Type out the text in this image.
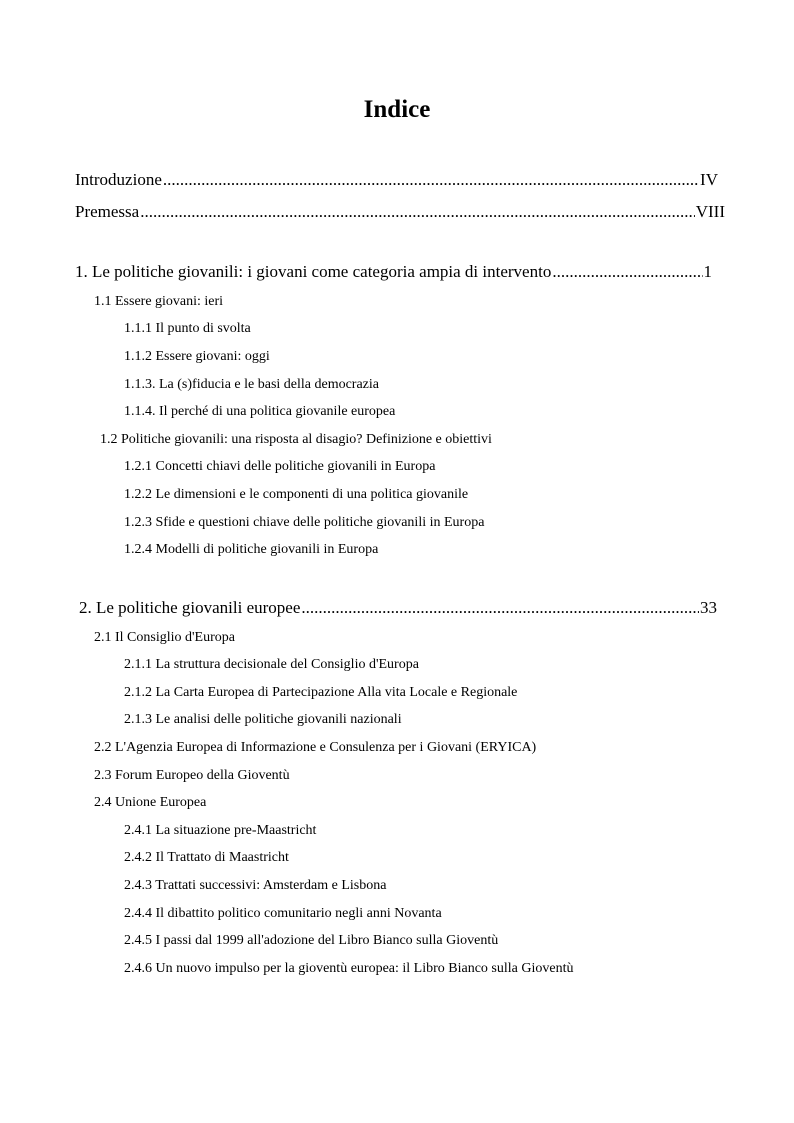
Indice
Introduzione .....	IV
Premessa .....	VIII
1. Le politiche giovanili: i giovani come categoria ampia di intervento .....	1
1.1 Essere giovani: ieri
1.1.1 Il punto di svolta
1.1.2 Essere giovani: oggi
1.1.3. La (s)fiducia e le basi della democrazia
1.1.4. Il perché di una politica giovanile europea
1.2 Politiche giovanili: una risposta al disagio? Definizione e obiettivi
1.2.1 Concetti chiavi delle politiche giovanili in Europa
1.2.2 Le dimensioni e le componenti di una politica giovanile
1.2.3 Sfide e questioni chiave delle politiche giovanili in Europa
1.2.4 Modelli di politiche giovanili in Europa
2. Le politiche giovanili europee .....	33
2.1 Il Consiglio d'Europa
2.1.1 La struttura decisionale del Consiglio d'Europa
2.1.2 La Carta Europea di Partecipazione Alla vita Locale e Regionale
2.1.3 Le analisi delle politiche giovanili nazionali
2.2 L'Agenzia Europea di Informazione e Consulenza per i Giovani (ERYICA)
2.3 Forum Europeo della Gioventù
2.4 Unione Europea
2.4.1 La situazione pre-Maastricht
2.4.2 Il Trattato di Maastricht
2.4.3 Trattati successivi: Amsterdam e Lisbona
2.4.4 Il dibattito politico comunitario negli anni Novanta
2.4.5 I passi dal 1999 all'adozione del Libro Bianco sulla Gioventù
2.4.6 Un nuovo impulso per la gioventù europea: il Libro Bianco sulla Gioventù
